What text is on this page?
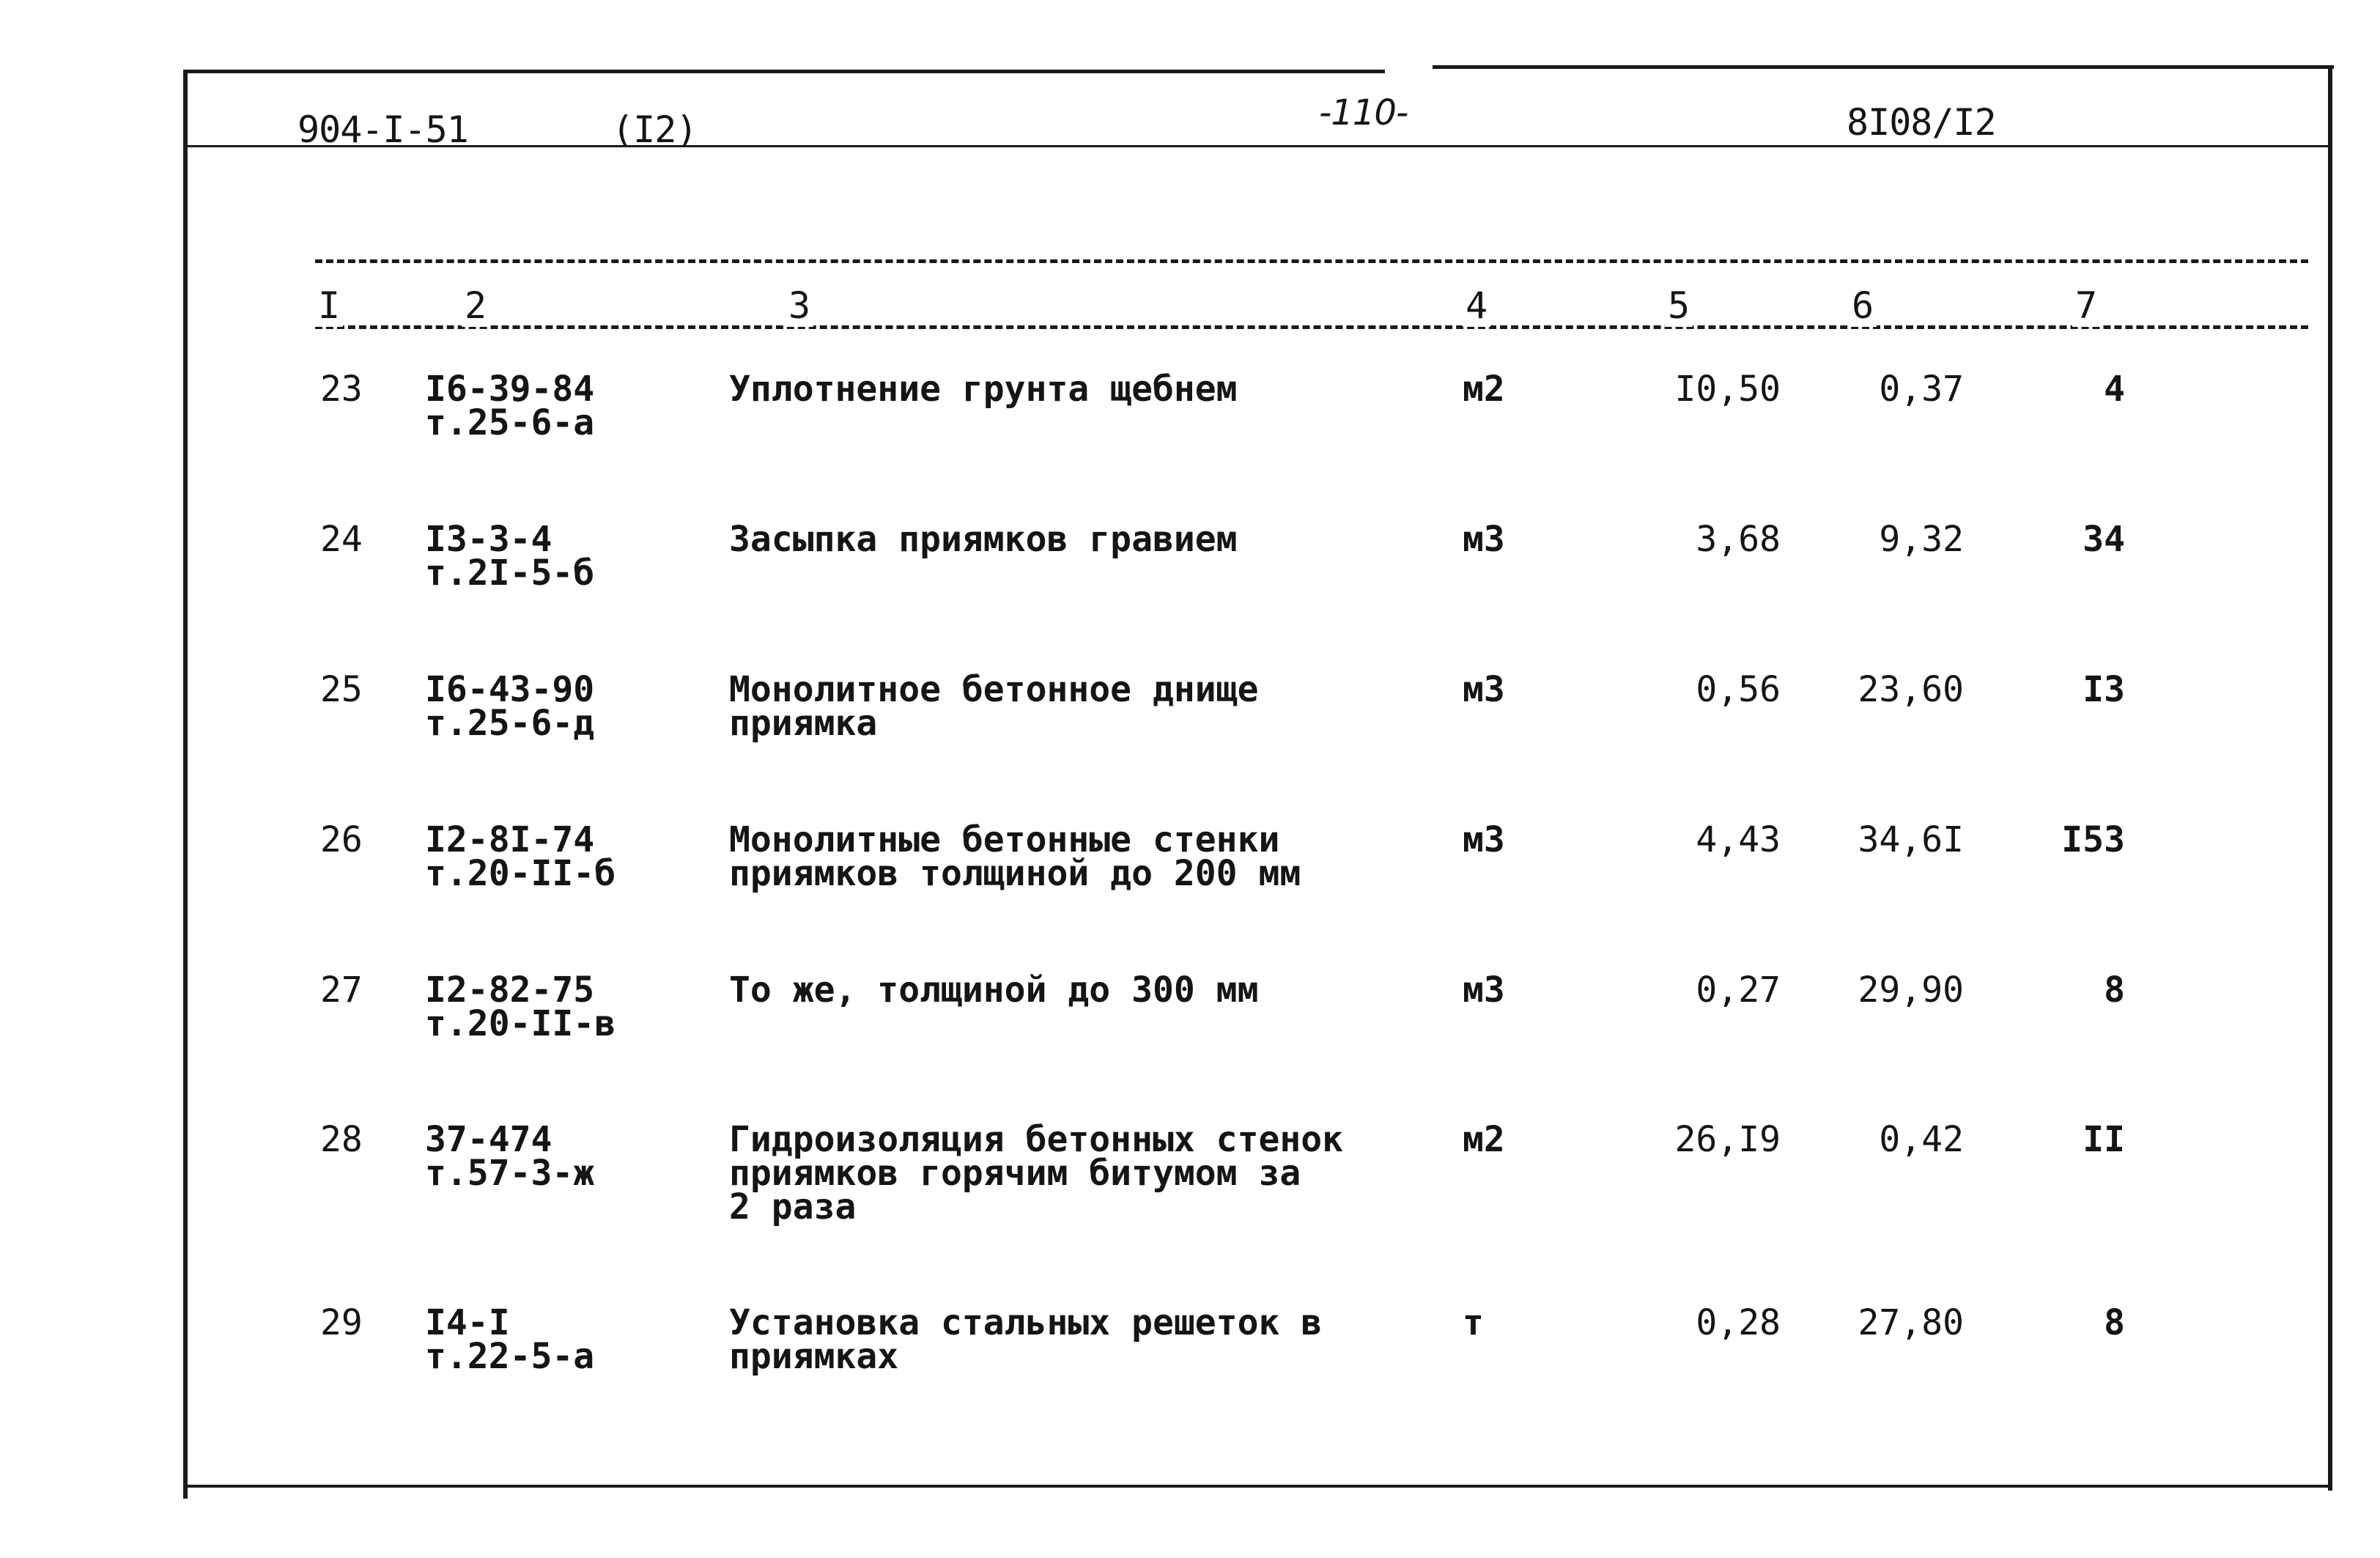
904-I-51	(I2)	-110-	8I08/I2
I	2	3	4	5	6	7
23 I6-39-84
т.25-6-а
Уплотнение грунта щебнем	м2	I0,50	0,37	4
24 I3-3-4
т.2I-5-б
Засыпка приямков гравием	м3	3,68	9,32	34
25 I6-43-90
т.25-6-д
Монолитное бетонное днище
приямка
м3	0,56	23,60	I3
26 I2-8I-74
т.20-II-б
Монолитные бетонные стенки
приямков толщиной до 200 мм
м3	4,43	34,6I	I53
27 I2-82-75
т.20-II-в
То же, толщиной до 300 мм	м3	0,27	29,90	8
28 37-474
т.57-3-ж
Гидроизоляция бетонных стенок
приямков горячим битумом за
2 раза
м2	26,I9	0,42	II
29 I4-I
т.22-5-а
Установка стальных решеток в
приямках
т	0,28	27,80	8
